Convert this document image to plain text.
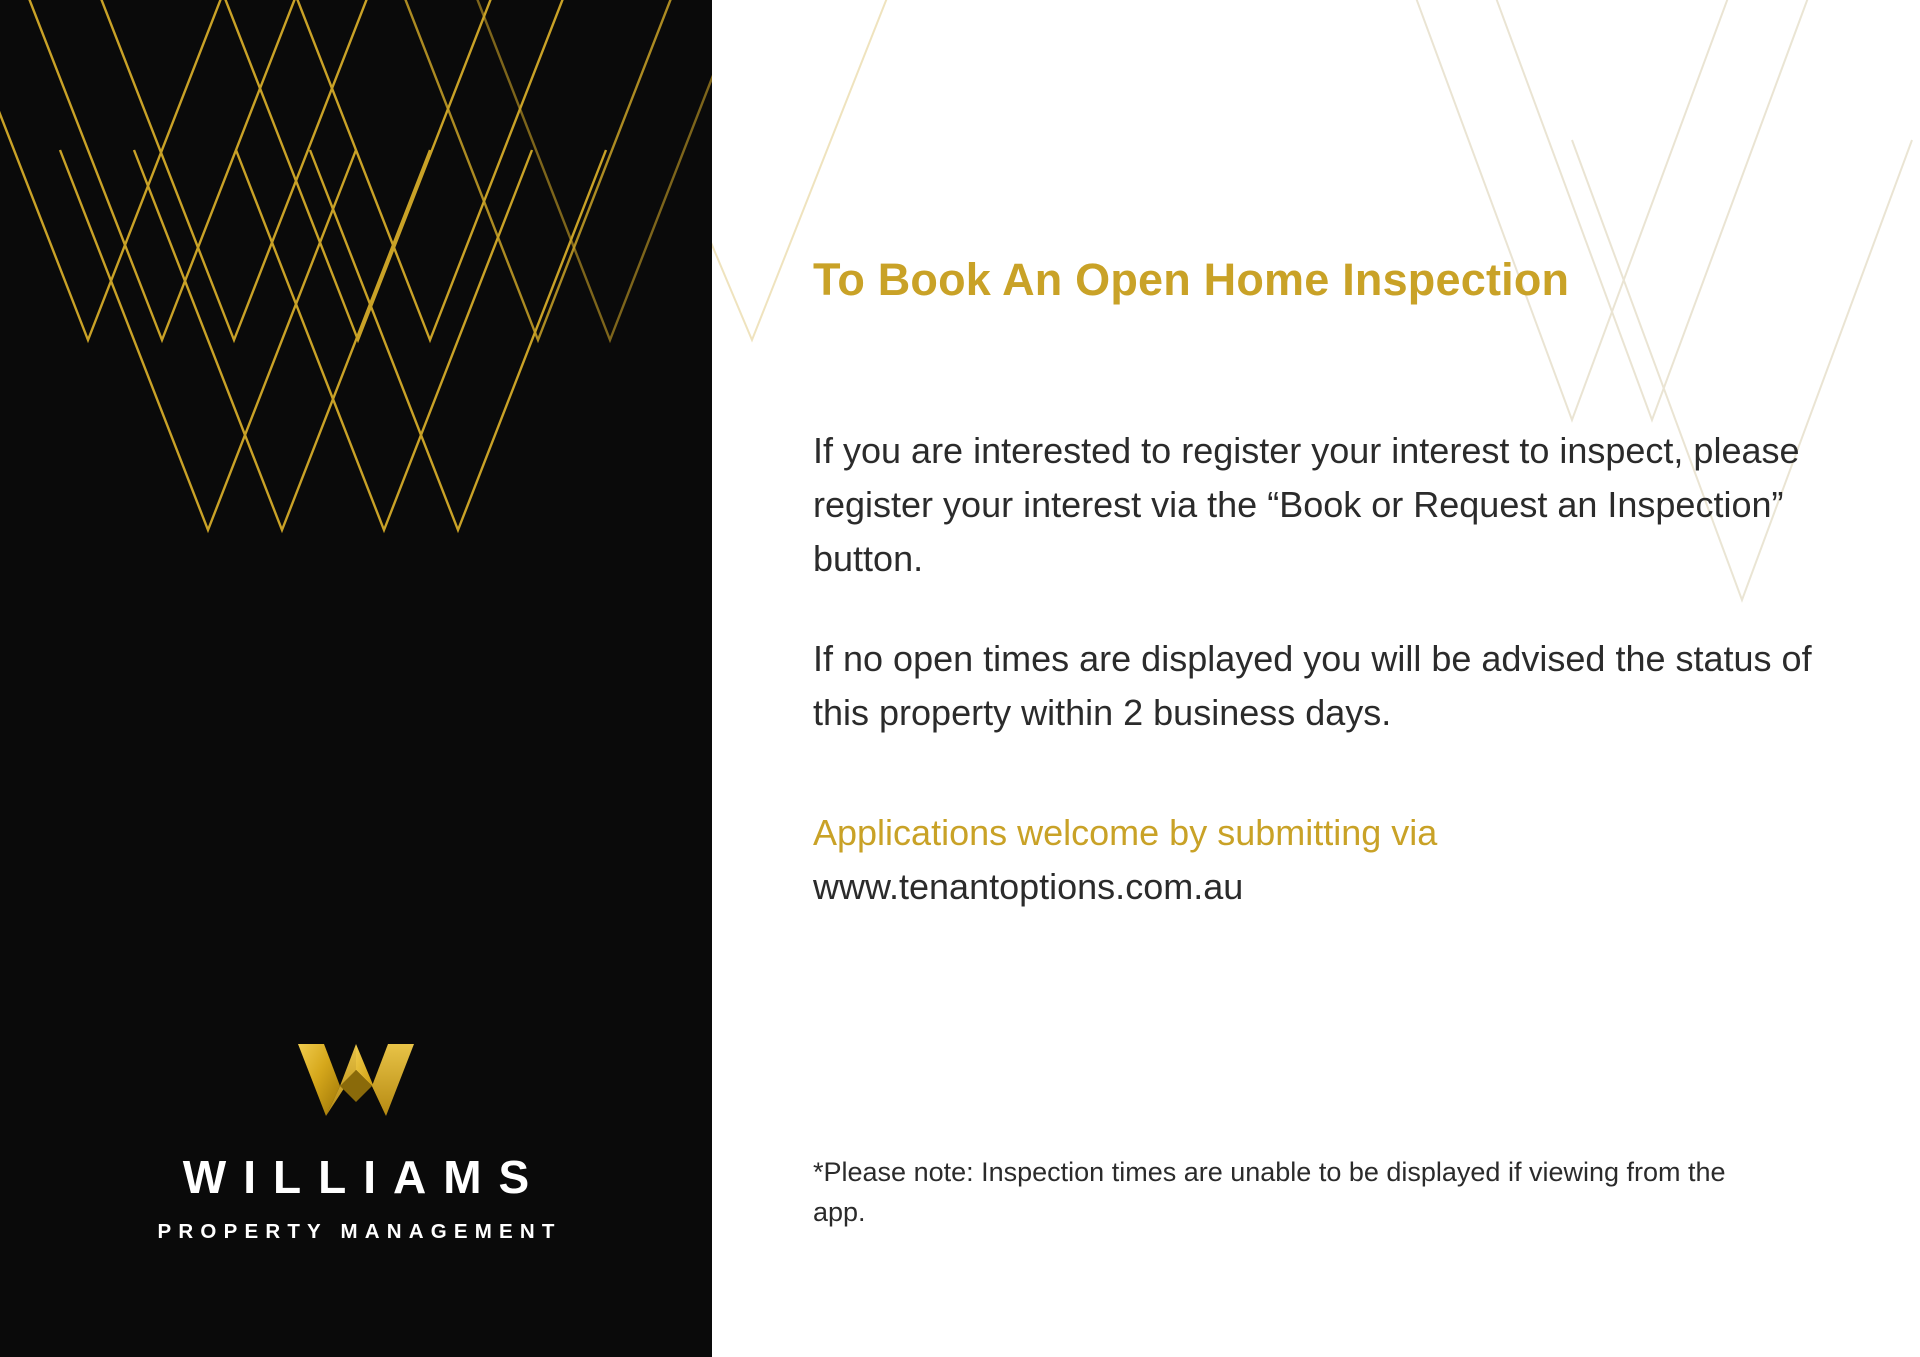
WILLIAMS
PROPERTY MANAGEMENT
To Book An Open Home Inspection

If you are interested to register your interest to inspect, please register your interest via the “Book or Request an Inspection” button.

If no open times are displayed you will be advised the status of this property within 2 business days.

Applications welcome by submitting via
www.tenantoptions.com.au

*Please note: Inspection times are unable to be displayed if viewing from the app.
